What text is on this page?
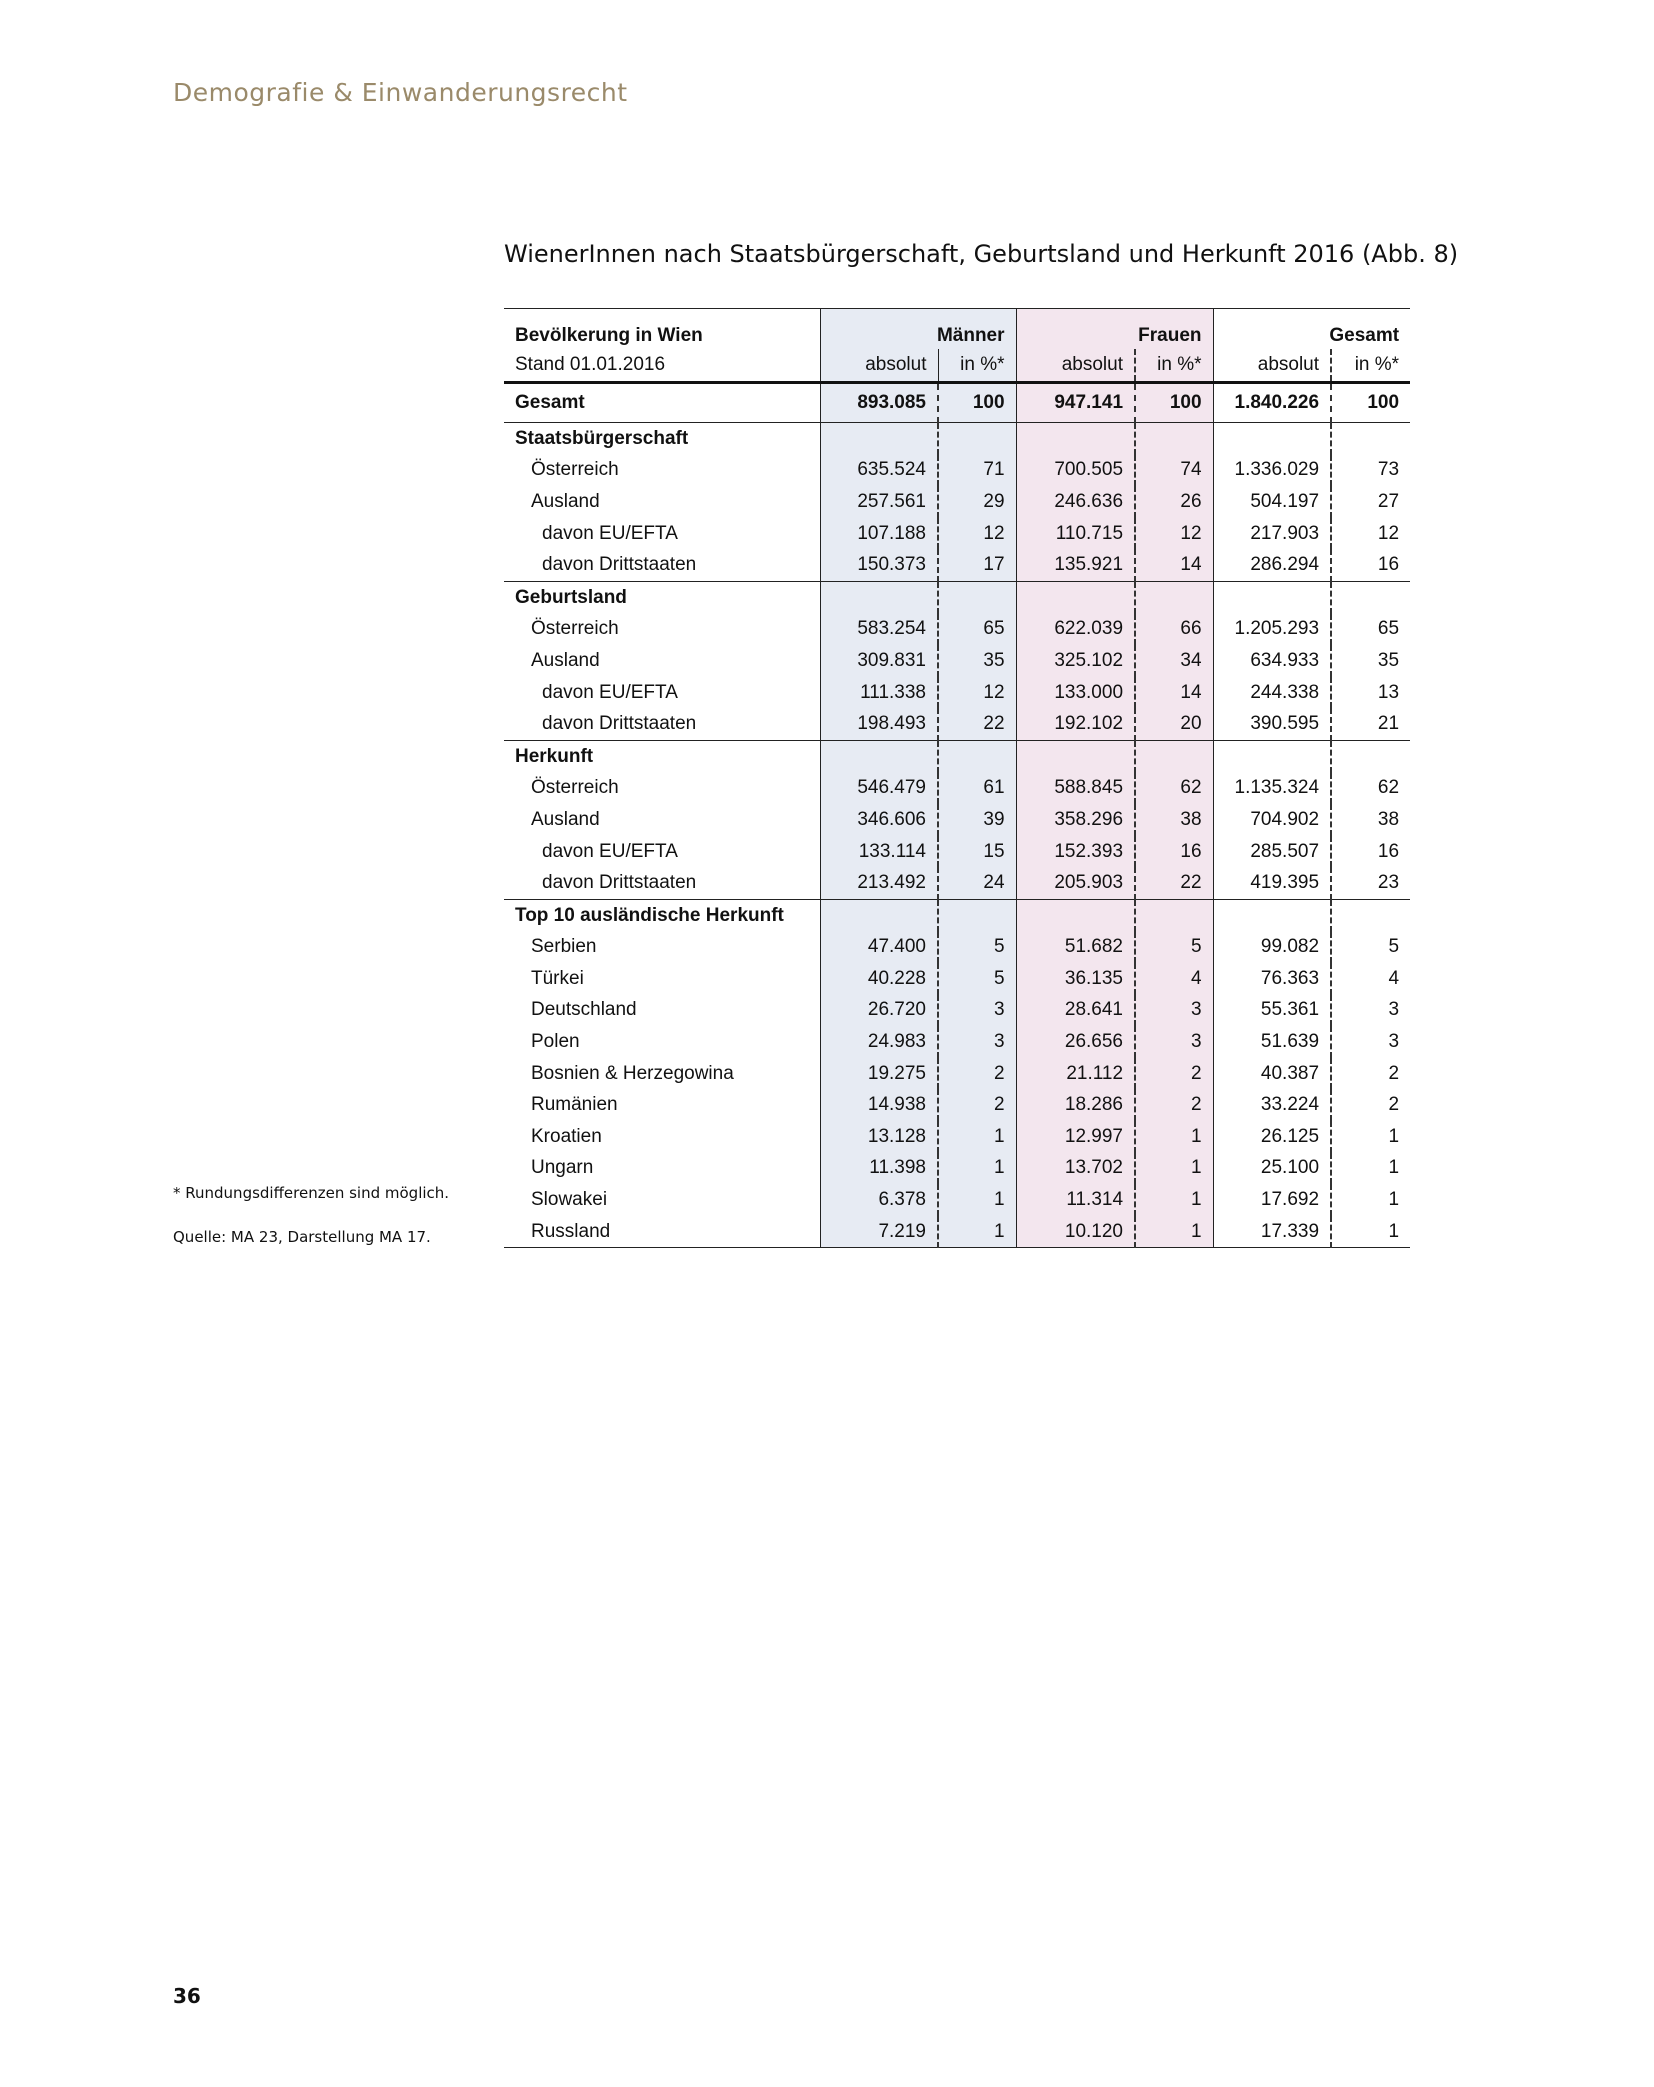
Demografie & Einwanderungsrecht
WienerInnen nach Staatsbürgerschaft, Geburtsland und Herkunft 2016 (Abb. 8)
Bevölkerung in Wien	Männer		Frauen		Gesamt	
Stand 01.01.2016	absolut	in %*	absolut	in %*	absolut	in %*
Gesamt	893.085	100	947.141	100	1.840.226	100
Staatsbürgerschaft						
Österreich	635.524	71	700.505	74	1.336.029	73
Ausland	257.561	29	246.636	26	504.197	27
davon EU/EFTA	107.188	12	110.715	12	217.903	12
davon Drittstaaten	150.373	17	135.921	14	286.294	16
Geburtsland						
Österreich	583.254	65	622.039	66	1.205.293	65
Ausland	309.831	35	325.102	34	634.933	35
davon EU/EFTA	111.338	12	133.000	14	244.338	13
davon Drittstaaten	198.493	22	192.102	20	390.595	21
Herkunft						
Österreich	546.479	61	588.845	62	1.135.324	62
Ausland	346.606	39	358.296	38	704.902	38
davon EU/EFTA	133.114	15	152.393	16	285.507	16
davon Drittstaaten	213.492	24	205.903	22	419.395	23
Top 10 ausländische Herkunft						
Serbien	47.400	5	51.682	5	99.082	5
Türkei	40.228	5	36.135	4	76.363	4
Deutschland	26.720	3	28.641	3	55.361	3
Polen	24.983	3	26.656	3	51.639	3
Bosnien & Herzegowina	19.275	2	21.112	2	40.387	2
Rumänien	14.938	2	18.286	2	33.224	2
Kroatien	13.128	1	12.997	1	26.125	1
Ungarn	11.398	1	13.702	1	25.100	1
Slowakei	6.378	1	11.314	1	17.692	1
Russland	7.219	1	10.120	1	17.339	1
* Rundungsdifferenzen sind möglich.
Quelle: MA 23, Darstellung MA 17.
36
